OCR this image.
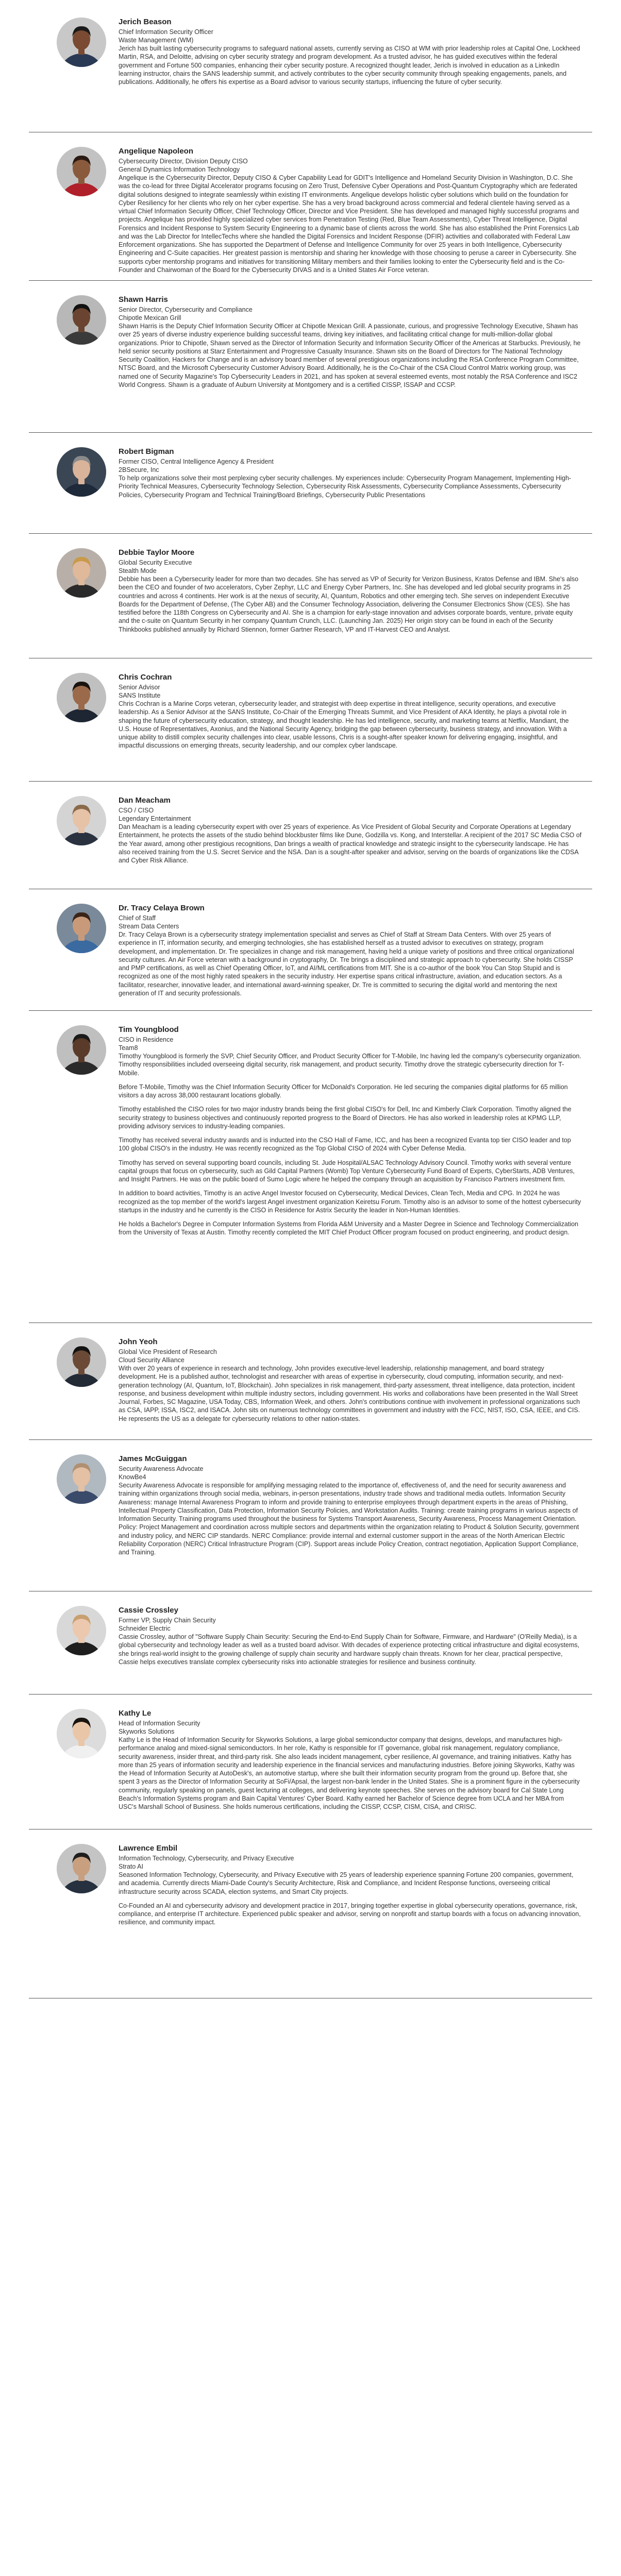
Jerich Beason
Chief Information Security Officer
Waste Management (WM)
Jerich has built lasting cybersecurity programs to safeguard national assets, currently serving as CISO at WM with prior leadership roles at Capital One, Lockheed Martin, RSA, and Deloitte, advising on cyber security strategy and program development. As a trusted advisor, he has guided executives within the federal government and Fortune 500 companies, enhancing their cyber security posture. A recognized thought leader, Jerich is involved in education as a LinkedIn learning instructor, chairs the SANS leadership summit, and actively contributes to the cyber security community through speaking engagements, panels, and publications. Additionally, he offers his expertise as a Board advisor to various security startups, influencing the future of cyber security.
Angelique Napoleon
Cybersecurity Director, Division Deputy CISO
General Dynamics Information Technology
Angelique is the Cybersecurity Director, Deputy CISO & Cyber Capability Lead for GDIT's Intelligence and Homeland Security Division in Washington, D.C. She was the co-lead for three Digital Accelerator programs focusing on Zero Trust, Defensive Cyber Operations and Post-Quantum Cryptography which are federated digital solutions designed to integrate seamlessly within existing IT environments. Angelique develops holistic cyber solutions which build on the foundation for Cyber Resiliency for her clients who rely on her cyber expertise. She has a very broad background across commercial and federal clientele having served as a virtual Chief Information Security Officer, Chief Technology Officer, Director and Vice President. She has developed and managed highly successful programs and projects. Angelique has provided highly specialized cyber services from Penetration Testing (Red, Blue Team Assessments), Cyber Threat Intelligence, Digital Forensics and Incident Response to System Security Engineering to a dynamic base of clients across the world. She has also established the Print Forensics Lab and was the Lab Director for IntellecTechs where she handled the Digital Forensics and Incident Response (DFIR) activities and collaborated with Federal Law Enforcement organizations. She has supported the Department of Defense and Intelligence Community for over 25 years in both Intelligence, Cybersecurity Engineering and C-Suite capacities. Her greatest passion is mentorship and sharing her knowledge with those choosing to peruse a career in Cybersecurity. She supports cyber mentorship programs and initiatives for transitioning Military members and their families looking to enter the Cybersecurity field and is the Co-Founder and Chairwoman of the Board for the Cybersecurity DIVAS and is a United States Air Force veteran.
Shawn Harris
Senior Director, Cybersecurity and Compliance
Chipotle Mexican Grill
Shawn Harris is the Deputy Chief Information Security Officer at Chipotle Mexican Grill. A passionate, curious, and progressive Technology Executive, Shawn has over 25 years of diverse industry experience building successful teams, driving key initiatives, and facilitating critical change for multi-million-dollar global organizations. Prior to Chipotle, Shawn served as the Director of Information Security and Information Security Officer of the Americas at Starbucks. Previously, he held senior security positions at Starz Entertainment and Progressive Casualty Insurance. Shawn sits on the Board of Directors for The National Technology Security Coalition, Hackers for Change and is an advisory board member of several prestigious organizations including the RSA Conference Program Committee, NTSC Board, and the Microsoft Cybersecurity Customer Advisory Board. Additionally, he is the Co-Chair of the CSA Cloud Control Matrix working group, was named one of Security Magazine's Top Cybersecurity Leaders in 2021, and has spoken at several esteemed events, most notably the RSA Conference and ISC2 World Congress. Shawn is a graduate of Auburn University at Montgomery and is a certified CISSP, ISSAP and CCSP.
Robert Bigman
Former CISO, Central Intelligence Agency & President
2BSecure, Inc
To help organizations solve their most perplexing cyber security challenges. My experiences include: Cybersecurity Program Management, Implementing High-Priority Technical Measures, Cybersecurity Technology Selection, Cybersecurity Risk Assessments, Cybersecurity Compliance Assessments, Cybersecurity Policies, Cybersecurity Program and Technical Training/Board Briefings, Cybersecurity Public Presentations
Debbie Taylor Moore
Global Security Executive
Stealth Mode
Debbie has been a Cybersecurity leader for more than two decades. She has served as VP of Security for Verizon Business, Kratos Defense and IBM. She's also been the CEO and founder of two accelerators, Cyber Zephyr, LLC and Energy Cyber Partners, Inc. She has developed and led global security programs in 25 countries and across 4 continents. Her work is at the nexus of security, AI, Quantum, Robotics and other emerging tech. She serves on independent Executive Boards for the Department of Defense, (The Cyber AB) and the Consumer Technology Association, delivering the Consumer Electronics Show (CES). She has testified before the 118th Congress on Cybersecurity and AI. She is a champion for early-stage innovation and advises corporate boards, venture, private equity and the c-suite on Quantum Security in her company Quantum Crunch, LLC. (Launching Jan. 2025) Her origin story can be found in each of the Security Thinkbooks published annually by Richard Stiennon, former Gartner Research, VP and IT-Harvest CEO and Analyst.
Chris Cochran
Senior Advisor
SANS Institute
Chris Cochran is a Marine Corps veteran, cybersecurity leader, and strategist with deep expertise in threat intelligence, security operations, and executive leadership. As a Senior Advisor at the SANS Institute, Co-Chair of the Emerging Threats Summit, and Vice President of AKA Identity, he plays a pivotal role in shaping the future of cybersecurity education, strategy, and thought leadership. He has led intelligence, security, and marketing teams at Netflix, Mandiant, the U.S. House of Representatives, Axonius, and the National Security Agency, bridging the gap between cybersecurity, business strategy, and innovation. With a unique ability to distill complex security challenges into clear, usable lessons, Chris is a sought-after speaker known for delivering engaging, insightful, and impactful discussions on emerging threats, security leadership, and our complex cyber landscape.
Dan Meacham
CSO / CISO
Legendary Entertainment
Dan Meacham is a leading cybersecurity expert with over 25 years of experience. As Vice President of Global Security and Corporate Operations at Legendary Entertainment, he protects the assets of the studio behind blockbuster films like Dune, Godzilla vs. Kong, and Interstellar. A recipient of the 2017 SC Media CSO of the Year award, among other prestigious recognitions, Dan brings a wealth of practical knowledge and strategic insight to the cybersecurity landscape. He has also received training from the U.S. Secret Service and the NSA. Dan is a sought-after speaker and advisor, serving on the boards of organizations like the CDSA and Cyber Risk Alliance.
Dr. Tracy Celaya Brown
Chief of Staff
Stream Data Centers
Dr. Tracy Celaya Brown is a cybersecurity strategy implementation specialist and serves as Chief of Staff at Stream Data Centers. With over 25 years of experience in IT, information security, and emerging technologies, she has established herself as a trusted advisor to executives on strategy, program development, and implementation. Dr. Tre specializes in change and risk management, having held a unique variety of positions and three critical organizational security cultures. An Air Force veteran with a background in cryptography, Dr. Tre brings a disciplined and strategic approach to cybersecurity. She holds CISSP and PMP certifications, as well as Chief Operating Officer, IoT, and AI/ML certifications from MIT. She is a co-author of the book You Can Stop Stupid and is recognized as one of the most highly rated speakers in the security industry. Her expertise spans critical infrastructure, aviation, and education sectors. As a facilitator, researcher, innovative leader, and international award-winning speaker, Dr. Tre is committed to securing the digital world and mentoring the next generation of IT and security professionals.
Tim Youngblood
CISO in Residence
Team8
Timothy Youngblood is formerly the SVP, Chief Security Officer, and Product Security Officer for T-Mobile, Inc having led the company's cybersecurity organization. Timothy responsibilities included overseeing digital security, risk management, and product security. Timothy drove the strategic cybersecurity direction for T-Mobile.
Before T-Mobile, Timothy was the Chief Information Security Officer for McDonald's Corporation. He led securing the companies digital platforms for 65 million visitors a day across 38,000 restaurant locations globally.
Timothy established the CISO roles for two major industry brands being the first global CISO's for Dell, Inc and Kimberly Clark Corporation. Timothy aligned the security strategy to business objectives and continuously reported progress to the Board of Directors. He has also worked in leadership roles at KPMG LLP, providing advisory services to industry-leading companies.
Timothy has received several industry awards and is inducted into the CSO Hall of Fame, ICC, and has been a recognized Evanta top tier CISO leader and top 100 global CISO's in the industry. He was recently recognized as the Top Global CISO of 2024 with Cyber Defense Media.
Timothy has served on several supporting board councils, including St. Jude Hospital/ALSAC Technology Advisory Council. Timothy works with several venture capital groups that focus on cybersecurity, such as Gild Capital Partners (Womb) Top Venture Cybersecurity Fund Board of Experts, CyberStarts, ADB Ventures, and Insight Partners. He was on the public board of Sumo Logic where he helped the company through an acquisition by Francisco Partners investment firm.
In addition to board activities, Timothy is an active Angel Investor focused on Cybersecurity, Medical Devices, Clean Tech, Media and CPG. In 2024 he was recognized as the top member of the world's largest Angel investment organization Keiretsu Forum. Timothy also is an advisor to some of the hottest cybersecurity startups in the industry and he currently is the CISO in Residence for Astrix Security the leader in Non-Human Identities.
He holds a Bachelor's Degree in Computer Information Systems from Florida A&M University and a Master Degree in Science and Technology Commercialization from the University of Texas at Austin. Timothy recently completed the MIT Chief Product Officer program focused on product engineering, and product design.
John Yeoh
Global Vice President of Research
Cloud Security Alliance
With over 20 years of experience in research and technology, John provides executive-level leadership, relationship management, and board strategy development. He is a published author, technologist and researcher with areas of expertise in cybersecurity, cloud computing, information security, and next-generation technology (AI, Quantum, IoT, Blockchain). John specializes in risk management, third-party assessment, threat intelligence, data protection, incident response, and business development within multiple industry sectors, including government. His works and collaborations have been presented in the Wall Street Journal, Forbes, SC Magazine, USA Today, CBS, Information Week, and others. John's contributions continue with involvement in professional organizations such as CSA, IAPP, ISSA, ISC2, and ISACA. John sits on numerous technology committees in government and industry with the FCC, NIST, ISO, CSA, IEEE, and CIS. He represents the US as a delegate for cybersecurity relations to other nation-states.
James McGuiggan
Security Awareness Advocate
KnowBe4
Security Awareness Advocate is responsible for amplifying messaging related to the importance of, effectiveness of, and the need for security awareness and training within organizations through social media, webinars, in-person presentations, industry trade shows and traditional media outlets. Information Security Awareness: manage Internal Awareness Program to inform and provide training to enterprise employees through department experts in the areas of Phishing, Intellectual Property Classification, Data Protection, Information Security Policies, and Workstation Audits. Training: create training programs in various aspects of Information Security. Training programs used throughout the business for Systems Transport Awareness, Security Awareness, Process Management Orientation. Policy: Project Management and coordination across multiple sectors and departments within the organization relating to Product & Solution Security, government and industry policy, and NERC CIP standards. NERC Compliance: provide internal and external customer support in the areas of the North American Electric Reliability Corporation (NERC) Critical Infrastructure Program (CIP). Support areas include Policy Creation, contract negotiation, Application Support Compliance, and Training.
Cassie Crossley
Former VP, Supply Chain Security
Schneider Electric
Cassie Crossley, author of "Software Supply Chain Security: Securing the End-to-End Supply Chain for Software, Firmware, and Hardware" (O'Reilly Media), is a global cybersecurity and technology leader as well as a trusted board advisor. With decades of experience protecting critical infrastructure and digital ecosystems, she brings real-world insight to the growing challenge of supply chain security and hardware supply chain threats. Known for her clear, practical perspective, Cassie helps executives translate complex cybersecurity risks into actionable strategies for resilience and business continuity.
Kathy Le
Head of Information Security
Skyworks Solutions
Kathy Le is the Head of Information Security for Skyworks Solutions, a large global semiconductor company that designs, develops, and manufactures high-performance analog and mixed-signal semiconductors. In her role, Kathy is responsible for IT governance, global risk management, regulatory compliance, security awareness, insider threat, and third-party risk. She also leads incident management, cyber resilience, AI governance, and training initiatives. Kathy has more than 25 years of information security and leadership experience in the financial services and manufacturing industries. Before joining Skyworks, Kathy was the Head of Information Security at AutoDesk's, an automotive startup, where she built their information security program from the ground up. Before that, she spent 3 years as the Director of Information Security at SoFi/Apsal, the largest non-bank lender in the United States. She is a prominent figure in the cybersecurity community, regularly speaking on panels, guest lecturing at colleges, and delivering keynote speeches. She serves on the advisory board for Cal State Long Beach's Information Systems program and Bain Capital Ventures' Cyber Board. Kathy earned her Bachelor of Science degree from UCLA and her MBA from USC's Marshall School of Business. She holds numerous certifications, including the CISSP, CCSP, CISM, CISA, and CRISC.
Lawrence Embil
Information Technology, Cybersecurity, and Privacy Executive
Strato AI
Seasoned Information Technology, Cybersecurity, and Privacy Executive with 25 years of leadership experience spanning Fortune 200 companies, government, and academia. Currently directs Miami-Dade County's Security Architecture, Risk and Compliance, and Incident Response functions, overseeing critical infrastructure security across SCADA, election systems, and Smart City projects.
Co-Founded an AI and cybersecurity advisory and development practice in 2017, bringing together expertise in global cybersecurity operations, governance, risk, compliance, and enterprise IT architecture. Experienced public speaker and advisor, serving on nonprofit and startup boards with a focus on advancing innovation, resilience, and community impact.
